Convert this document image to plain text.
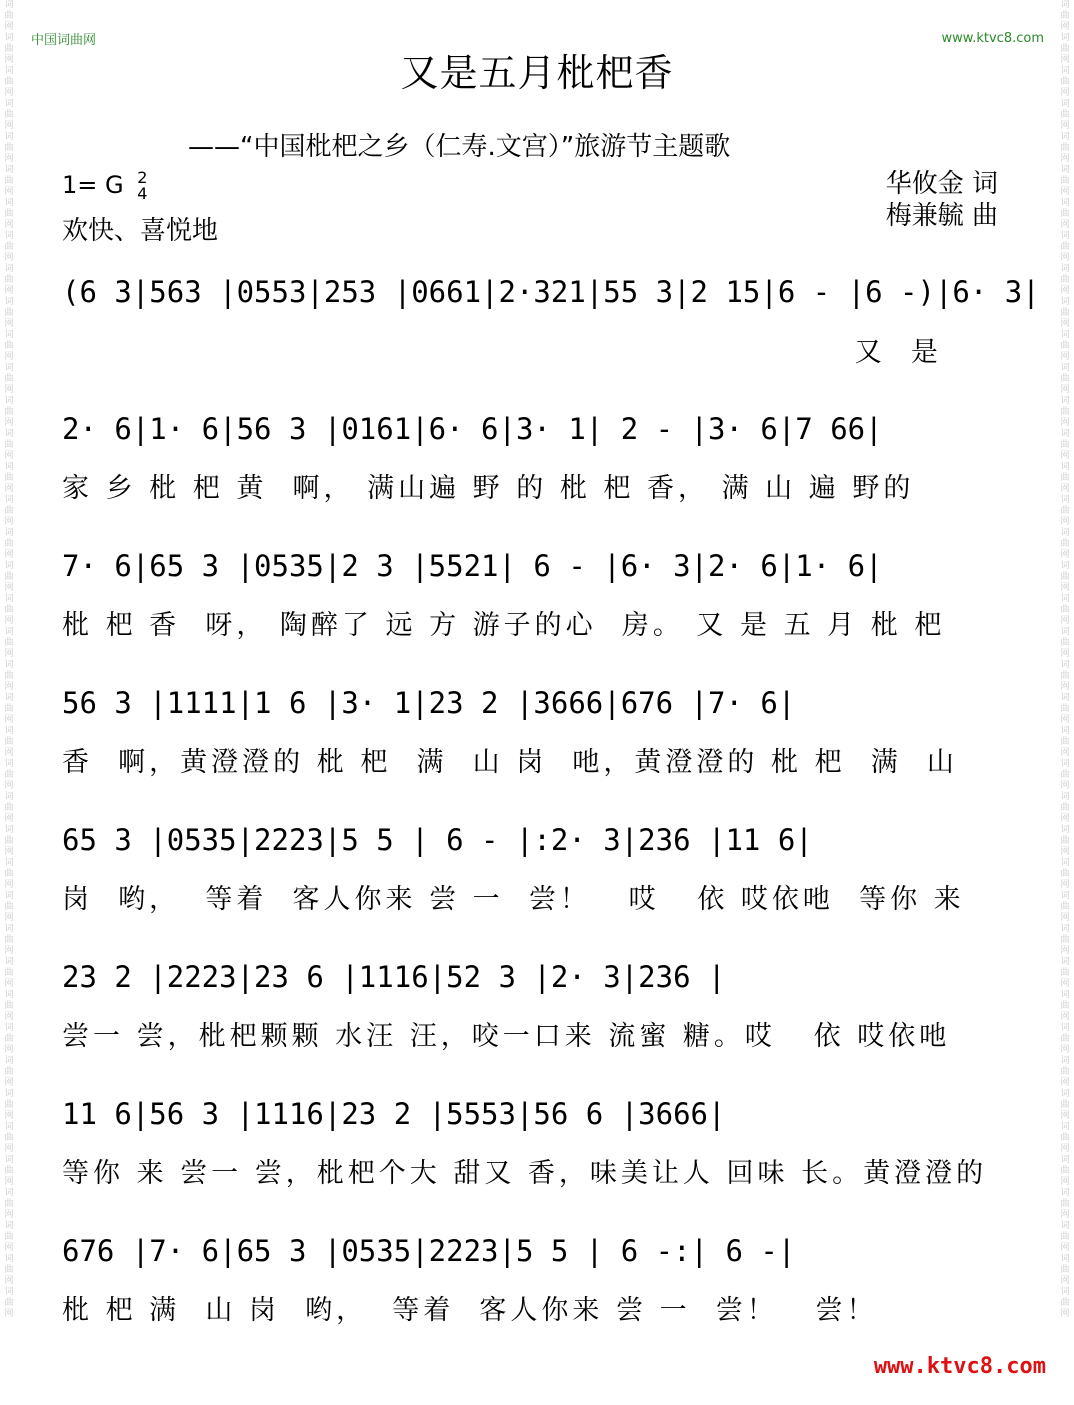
词曲网词曲网词曲网词曲网词曲网词曲网词曲网词曲网词曲网词曲网词曲网词曲网词曲网词曲网词曲网词曲网词曲网词曲网词曲网词曲网词曲网词曲网词曲网词曲网词曲网词曲网词曲网词曲网词曲网词曲网词曲网词曲网词曲网词曲网词曲网词曲网词曲网词曲网词曲网词曲网
词曲网词曲网词曲网词曲网词曲网词曲网词曲网词曲网词曲网词曲网词曲网词曲网词曲网词曲网词曲网词曲网词曲网词曲网词曲网词曲网词曲网词曲网词曲网词曲网词曲网词曲网词曲网词曲网词曲网词曲网词曲网词曲网词曲网词曲网词曲网词曲网词曲网词曲网词曲网词曲网
中国词曲网	www.ktvc8.com
又是五月枇杷香
——“中国枇杷之乡（仁寿.文宫）”旅游节主题歌
1= G 2
4
欢快、喜悦地
华攸金 词
梅兼毓 曲
(6 3|563 |0553|253 |0661|2·321|55 3|2 15|6 - |6 -)|6· 3|
又  是
2· 6|1· 6|56 3 |0161|6· 6|3· 1| 2 - |3· 6|7 66|
家 乡 枇 杷 黄  啊， 满山遍 野 的 枇 杷 香， 满 山 遍 野的
7· 6|65 3 |0535|2 3 |5521| 6 - |6· 3|2· 6|1· 6|
枇 杷 香  呀， 陶醉了 远 方 游子的心  房。 又 是 五 月 枇 杷
56 3 |1111|1 6 |3· 1|23 2 |3666|676 |7· 6|
香  啊，黄澄澄的 枇 杷  满  山 岗  吔，黄澄澄的 枇 杷  满  山
65 3 |0535|2223|5 5 | 6 - |:2· 3|236 |11 6|
岗  哟，  等着  客人你来 尝 一  尝！   哎   依 哎依吔  等你 来
23 2 |2223|23 6 |1116|52 3 |2· 3|236 |
尝一 尝，枇杷颗颗 水汪 汪，咬一口来 流蜜 糖。哎   依 哎依吔
11 6|56 3 |1116|23 2 |5553|56 6 |3666|
等你 来 尝一 尝，枇杷个大 甜又 香，味美让人 回味 长。黄澄澄的
676 |7· 6|65 3 |0535|2223|5 5 | 6 -:| 6 -|
枇 杷 满  山 岗  哟，  等着  客人你来 尝 一  尝！   尝！
www.ktvc8.com
